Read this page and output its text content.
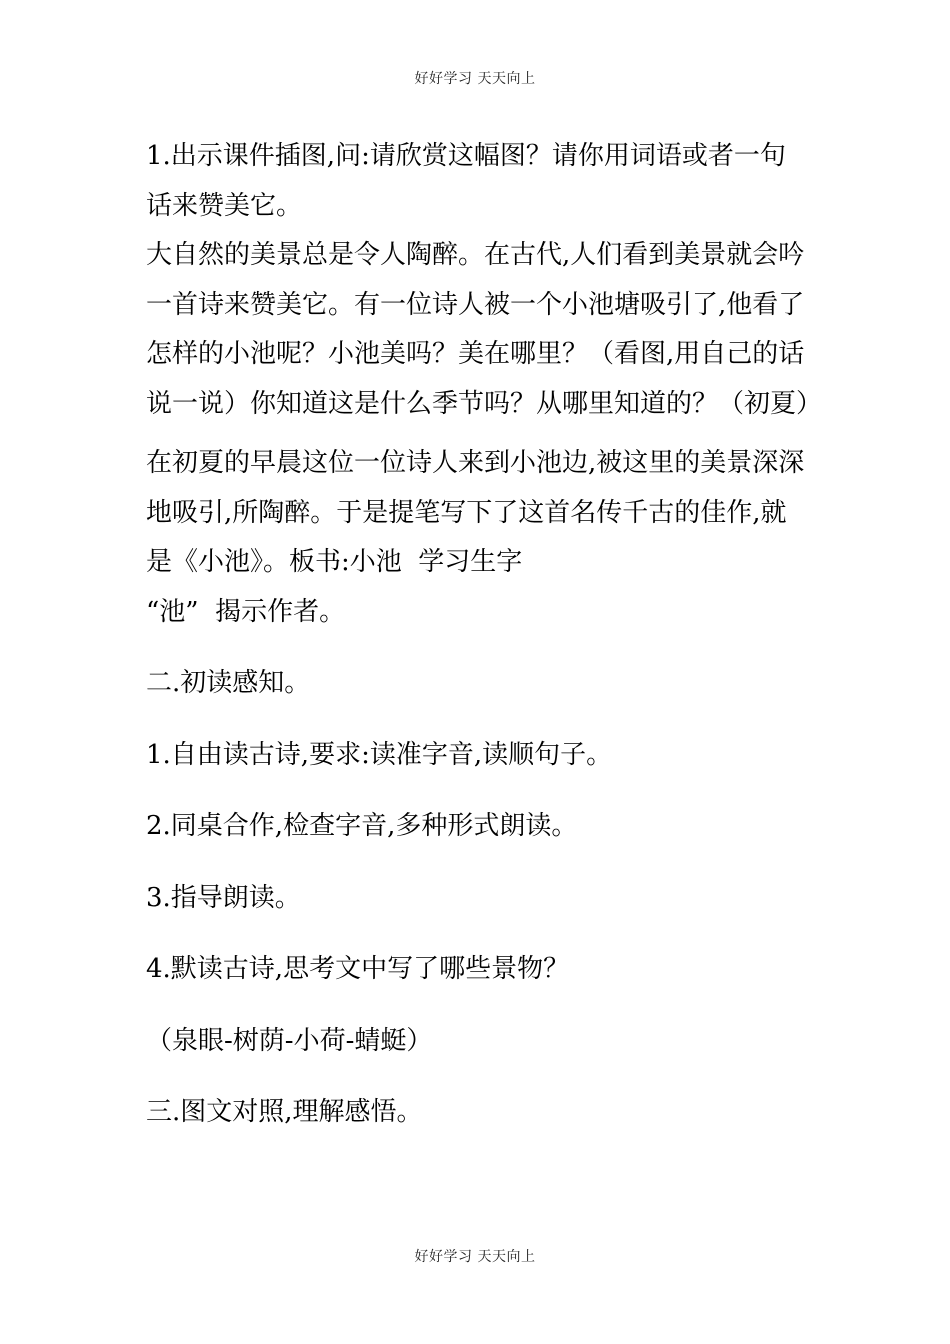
好好学习 天天向上

1.出示课件插图,问:请欣赏这幅图？请你用词语或者一句话来赞美它。

大自然的美景总是令人陶醉。在古代,人们看到美景就会吟一首诗来赞美它。有一位诗人被一个小池塘吸引了,他看了怎样的小池呢？小池美吗？美在哪里？（看图,用自己的话说一说）你知道这是什么季节吗？从哪里知道的？（初夏）

在初夏的早晨这位一位诗人来到小池边,被这里的美景深深地吸引,所陶醉。于是提笔写下了这首名传千古的佳作,就是《小池》。板书:小池  学习生字
“池”  揭示作者。

二.初读感知。

1.自由读古诗,要求:读准字音,读顺句子。

2.同桌合作,检查字音,多种形式朗读。

3.指导朗读。

4.默读古诗,思考文中写了哪些景物？

（泉眼-树荫-小荷-蜻蜓）

三.图文对照,理解感悟。

好好学习 天天向上
